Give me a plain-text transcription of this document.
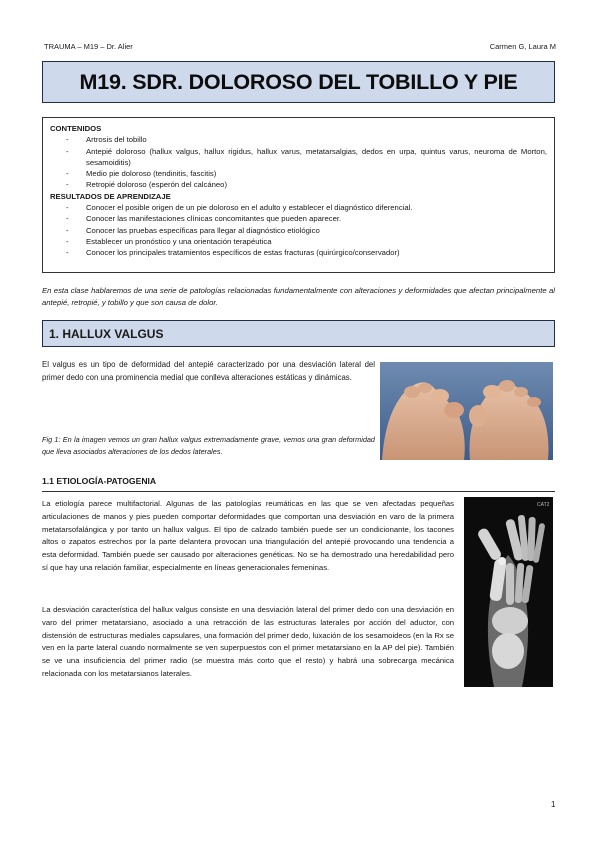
TRAUMA – M19 – Dr. Alier	Carmen G, Laura M
M19. SDR. DOLOROSO DEL TOBILLO Y PIE
CONTENIDOS
- Artrosis del tobillo
- Antepié doloroso (hallux valgus, hallux rigidus, hallux varus, metatarsalgias, dedos en urpa, quintus varus, neuroma de Morton, sesamoiditis)
- Medio pie doloroso (tendinitis, fascitis)
- Retropié doloroso (esperón del calcáneo)
RESULTADOS DE APRENDIZAJE
- Conocer el posible origen de un pie doloroso en el adulto y establecer el diagnóstico diferencial.
- Conocer las manifestaciones clínicas concomitantes que pueden aparecer.
- Conocer las pruebas específicas para llegar al diagnóstico etiológico
- Establecer un pronóstico y una orientación terapéutica
- Conocer los principales tratamientos específicos de estas fracturas (quirúrgico/conservador)
En esta clase hablaremos de una serie de patologías relacionadas fundamentalmente con alteraciones y deformidades que afectan principalmente al antepié, retropié, y tobillo y que son causa de dolor.
1. HALLUX VALGUS
El valgus es un tipo de deformidad del antepié caracterizado por una desviación lateral del primer dedo con una prominencia medial que conlleva alteraciones estáticas y dinámicas.
Fig 1: En la imagen vemos un gran hallux valgus extremadamente grave, vemos una gran deformidad que lleva asociados alteraciones de los dedos laterales.
1.1 ETIOLOGÍA-PATOGENIA
CAT2
La etiología parece multifactorial. Algunas de las patologías reumáticas en las que se ven afectadas pequeñas articulaciones de manos y pies pueden comportar deformidades que comportan una desviación en varo de la primera metatarsofalángica y por tanto un hallux valgus. El tipo de calzado también puede ser un condicionante, los tacones altos o zapatos estrechos por la parte delantera provocan una triangulación del antepié provocando una tendencia a esta deformidad. También puede ser causado por alteraciones genéticas. No se ha demostrado una heredabilidad pero sí que hay una relación familiar, especialmente en líneas generacionales femeninas.
La desviación característica del hallux valgus consiste en una desviación lateral del primer dedo con una desviación en varo del primer metatarsiano, asociado a una retracción de las estructuras laterales por acción del aductor, con distensión de estructuras mediales capsulares, una formación del primer dedo, luxación de los sesamoideos (en la Rx se ven en la parte lateral cuando normalmente se ven superpuestos con el primer metatarsiano en la AP del pie). También se ve una insuficiencia del primer radio (se muestra más corto que el resto) y habrá una sobrecarga mecánica relacionada con los metatarsianos laterales.
1
